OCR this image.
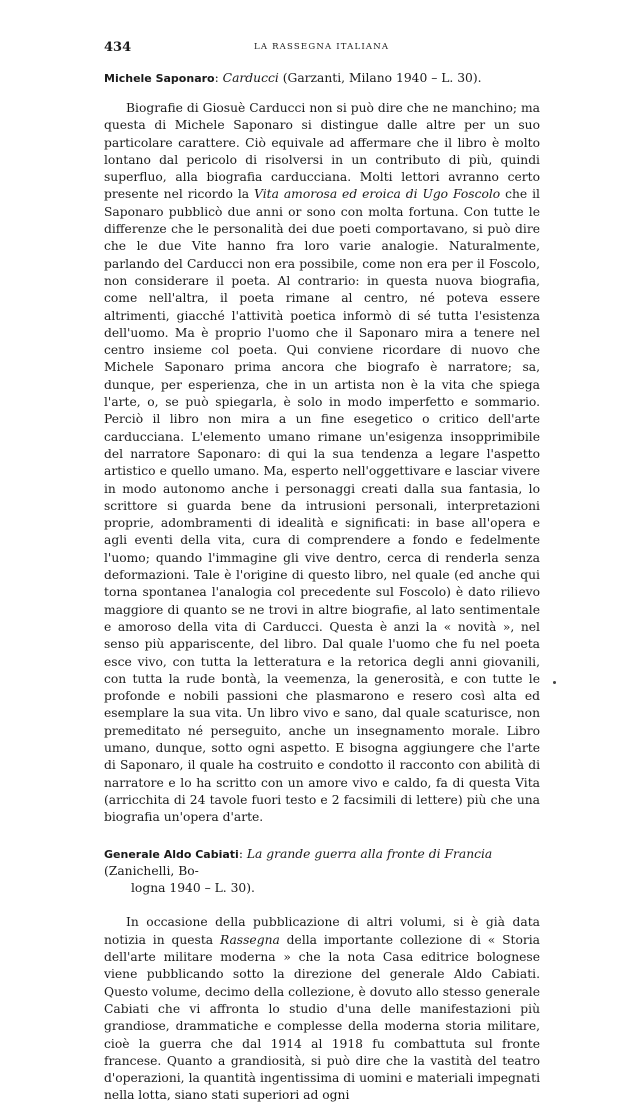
434	LA RASSEGNA ITALIANA

Michele Saponaro: Carducci (Garzanti, Milano 1940 – L. 30).

Biografie di Giosuè Carducci non si può dire che ne manchino; ma questa di Michele Saponaro si distingue dalle altre per un suo particolare carattere. Ciò equivale ad affermare che il libro è molto lontano dal pericolo di risolversi in un contributo di più, quindi superfluo, alla biografia carducciana. Molti lettori avranno certo presente nel ricordo la Vita amorosa ed eroica di Ugo Foscolo che il Saponaro pubblicò due anni or sono con molta fortuna. Con tutte le differenze che le personalità dei due poeti comportavano, si può dire che le due Vite hanno fra loro varie analogie. Naturalmente, parlando del Carducci non era possibile, come non era per il Foscolo, non considerare il poeta. Al contrario: in questa nuova biografia, come nell'altra, il poeta rimane al centro, né poteva essere altrimenti, giacché l'attività poetica informò di sé tutta l'esistenza dell'uomo. Ma è proprio l'uomo che il Saponaro mira a tenere nel centro insieme col poeta. Qui conviene ricordare di nuovo che Michele Saponaro prima ancora che biografo è narratore; sa, dunque, per esperienza, che in un artista non è la vita che spiega l'arte, o, se può spiegarla, è solo in modo imperfetto e sommario. Perciò il libro non mira a un fine esegetico o critico dell'arte carducciana. L'elemento umano rimane un'esigenza insopprimibile del narratore Saponaro: di qui la sua tendenza a legare l'aspetto artistico e quello umano. Ma, esperto nell'oggettivare e lasciar vivere in modo autonomo anche i personaggi creati dalla sua fantasia, lo scrittore si guarda bene da intrusioni personali, interpretazioni proprie, adombramenti di idealità e significati: in base all'opera e agli eventi della vita, cura di comprendere a fondo e fedelmente l'uomo; quando l'immagine gli vive dentro, cerca di renderla senza deformazioni. Tale è l'origine di questo libro, nel quale (ed anche qui torna spontanea l'analogia col precedente sul Foscolo) è dato rilievo maggiore di quanto se ne trovi in altre biografie, al lato sentimentale e amoroso della vita di Carducci. Questa è anzi la « novità », nel senso più appariscente, del libro. Dal quale l'uomo che fu nel poeta esce vivo, con tutta la letteratura e la retorica degli anni giovanili, con tutta la rude bontà, la veemenza, la generosità, e con tutte le profonde e nobili passioni che plasmarono e resero così alta ed esemplare la sua vita. Un libro vivo e sano, dal quale scaturisce, non premeditato né perseguito, anche un insegnamento morale. Libro umano, dunque, sotto ogni aspetto. E bisogna aggiungere che l'arte di Saponaro, il quale ha costruito e condotto il racconto con abilità di narratore e lo ha scritto con un amore vivo e caldo, fa di questa Vita (arricchita di 24 tavole fuori testo e 2 facsimili di lettere) più che una biografia un'opera d'arte.

Generale Aldo Cabiati: La grande guerra alla fronte di Francia (Zanichelli, Bo-
logna 1940 – L. 30).

In occasione della pubblicazione di altri volumi, si è già data notizia in questa Rassegna della importante collezione di « Storia dell'arte militare moderna » che la nota Casa editrice bolognese viene pubblicando sotto la direzione del generale Aldo Cabiati. Questo volume, decimo della collezione, è dovuto allo stesso generale Cabiati che vi affronta lo studio d'una delle manifestazioni più grandiose, drammatiche e complesse della moderna storia militare, cioè la guerra che dal 1914 al 1918 fu combattuta sul fronte francese. Quanto a grandiosità, si può dire che la vastità del teatro d'operazioni, la quantità ingentissima di uomini e materiali impegnati nella lotta, siano stati superiori ad ogni
